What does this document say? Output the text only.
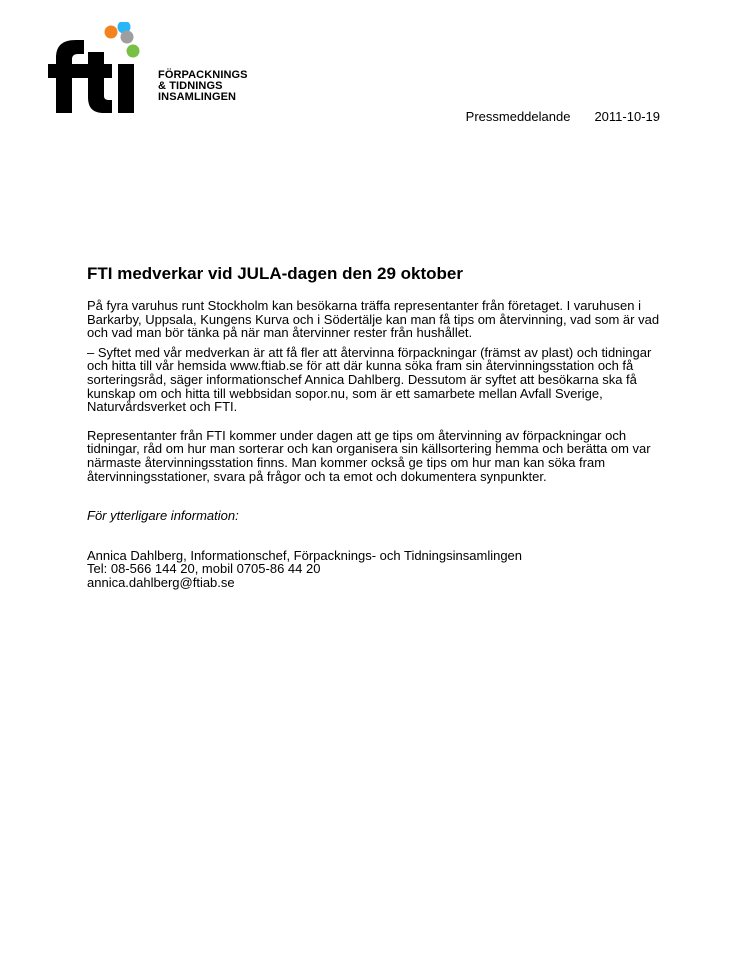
FÖRPACKNINGS
& TIDNINGS
INSAMLINGEN
Pressmeddelande 2011-10-19
FTI medverkar vid JULA-dagen den 29 oktober

På fyra varuhus runt Stockholm kan besökarna träffa representanter från företaget. I varuhusen i Barkarby, Uppsala, Kungens Kurva och i Södertälje kan man få tips om återvinning, vad som är vad och vad man bör tänka på när man återvinner rester från hushållet.

– Syftet med vår medverkan är att få fler att återvinna förpackningar (främst av plast) och tidningar och hitta till vår hemsida www.ftiab.se för att där kunna söka fram sin återvinningsstation och få sorteringsråd, säger informationschef Annica Dahlberg. Dessutom är syftet att besökarna ska få kunskap om och hitta till webbsidan sopor.nu, som är ett samarbete mellan Avfall Sverige, Naturvårdsverket och FTI.

Representanter från FTI kommer under dagen att ge tips om återvinning av förpackningar och tidningar, råd om hur man sorterar och kan organisera sin källsortering hemma och berätta om var närmaste återvinningsstation finns. Man kommer också ge tips om hur man kan söka fram återvinningsstationer, svara på frågor och ta emot och dokumentera synpunkter.

För ytterligare information:

Annica Dahlberg, Informationschef, Förpacknings- och Tidningsinsamlingen

Tel: 08-566 144 20, mobil 0705-86 44 20

annica.dahlberg@ftiab.se
